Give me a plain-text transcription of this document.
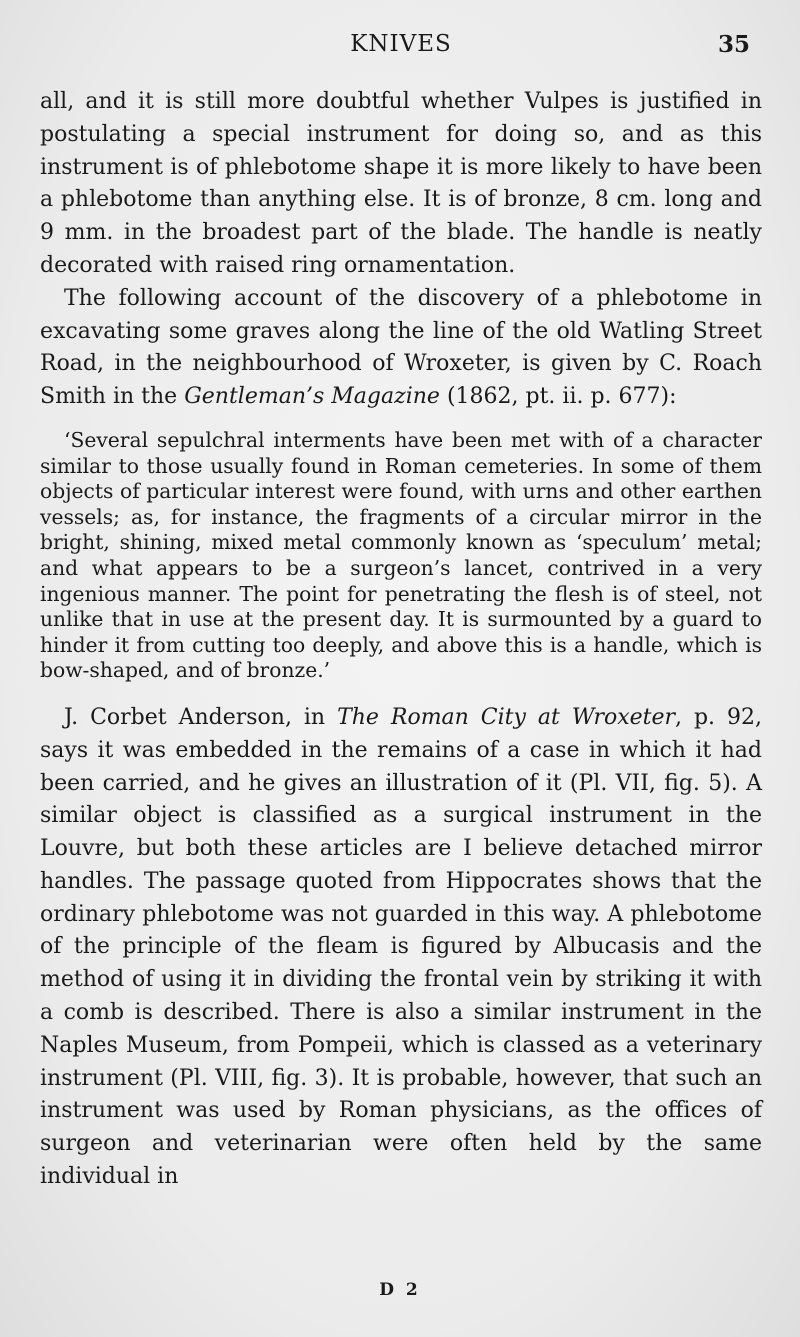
KNIVES	35

all, and it is still more doubtful whether Vulpes is justified in postulating a special instrument for doing so, and as this instrument is of phlebotome shape it is more likely to have been a phlebotome than anything else. It is of bronze, 8 cm. long and 9 mm. in the broadest part of the blade. The handle is neatly decorated with raised ring ornamentation.

The following account of the discovery of a phlebotome in excavating some graves along the line of the old Watling Street Road, in the neighbourhood of Wroxeter, is given by C. Roach Smith in the Gentleman’s Magazine (1862, pt. ii. p. 677):

‘Several sepulchral interments have been met with of a character similar to those usually found in Roman cemeteries. In some of them objects of particular interest were found, with urns and other earthen vessels; as, for instance, the fragments of a circular mirror in the bright, shining, mixed metal commonly known as ‘speculum’ metal; and what appears to be a surgeon’s lancet, contrived in a very ingenious manner. The point for penetrating the flesh is of steel, not unlike that in use at the present day. It is surmounted by a guard to hinder it from cutting too deeply, and above this is a handle, which is bow-shaped, and of bronze.’

J. Corbet Anderson, in The Roman City at Wroxeter, p. 92, says it was embedded in the remains of a case in which it had been carried, and he gives an illustration of it (Pl. VII, fig. 5). A similar object is classified as a surgical instrument in the Louvre, but both these articles are I believe detached mirror handles. The passage quoted from Hippocrates shows that the ordinary phlebotome was not guarded in this way. A phlebotome of the principle of the fleam is figured by Albucasis and the method of using it in dividing the frontal vein by striking it with a comb is described. There is also a similar instrument in the Naples Museum, from Pompeii, which is classed as a veterinary instrument (Pl. VIII, fig. 3). It is probable, however, that such an instrument was used by Roman physicians, as the offices of surgeon and veterinarian were often held by the same individual in

D 2
